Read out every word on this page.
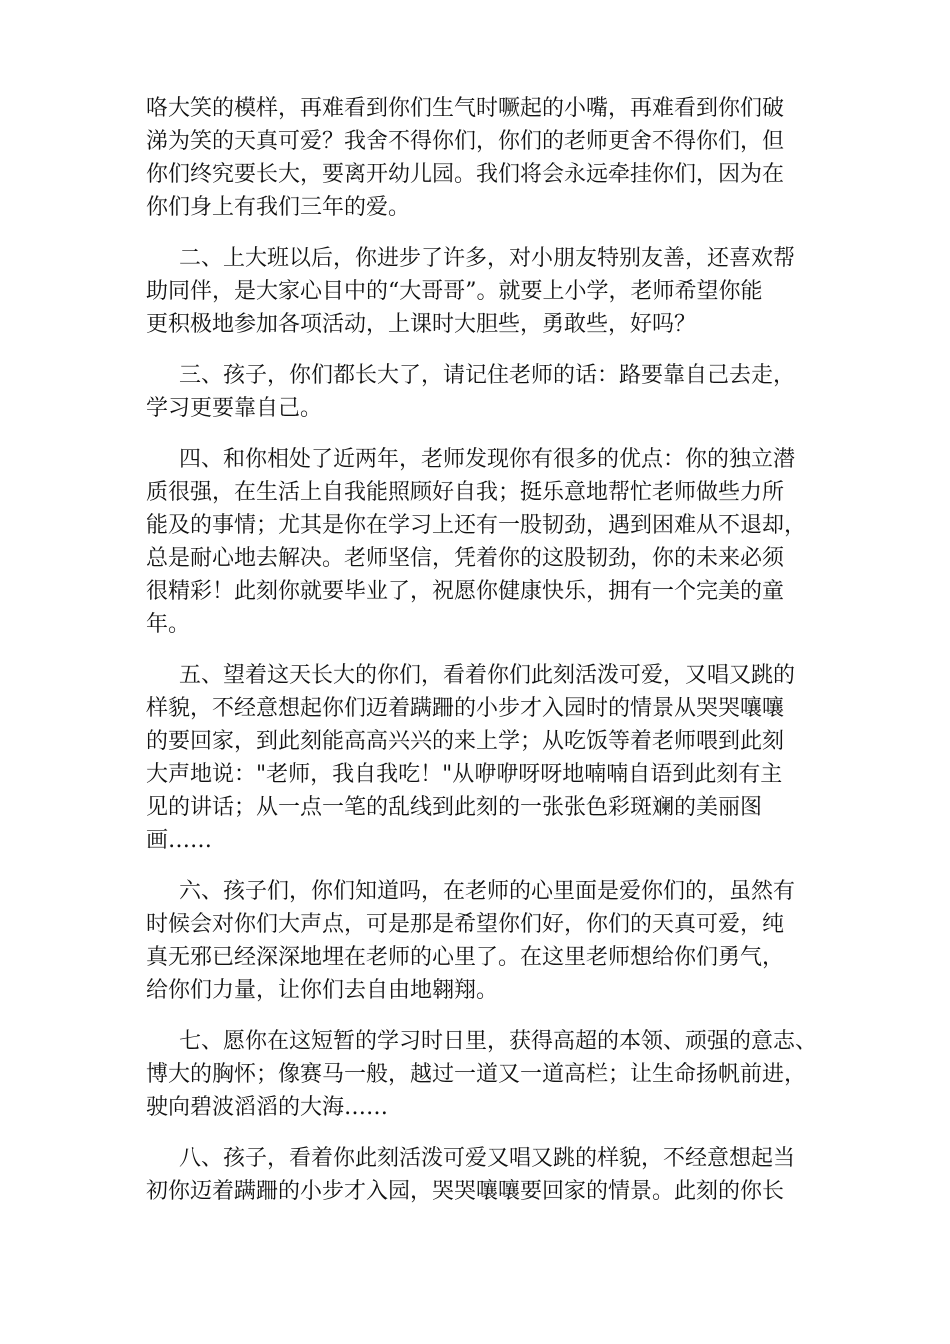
咯大笑的模样，再难看到你们生气时噘起的小嘴，再难看到你们破
涕为笑的天真可爱？我舍不得你们，你们的老师更舍不得你们，但
你们终究要长大，要离开幼儿园。我们将会永远牵挂你们，因为在
你们身上有我们三年的爱。

二、上大班以后，你进步了许多，对小朋友特别友善，还喜欢帮
助同伴，是大家心目中的“大哥哥”。就要上小学，老师希望你能
更积极地参加各项活动，上课时大胆些，勇敢些，好吗？

三、孩子，你们都长大了，请记住老师的话：路要靠自己去走，
学习更要靠自己。

四、和你相处了近两年，老师发现你有很多的优点：你的独立潜
质很强，在生活上自我能照顾好自我；挺乐意地帮忙老师做些力所
能及的事情；尤其是你在学习上还有一股韧劲，遇到困难从不退却，
总是耐心地去解决。老师坚信，凭着你的这股韧劲，你的未来必须
很精彩！此刻你就要毕业了，祝愿你健康快乐，拥有一个完美的童
年。

五、望着这天长大的你们，看着你们此刻活泼可爱，又唱又跳的
样貌，不经意想起你们迈着蹒跚的小步才入园时的情景从哭哭嚷嚷
的要回家，到此刻能高高兴兴的来上学；从吃饭等着老师喂到此刻
大声地说："老师，我自我吃！"从咿咿呀呀地喃喃自语到此刻有主
见的讲话；从一点一笔的乱线到此刻的一张张色彩斑斓的美丽图
画……

六、孩子们，你们知道吗，在老师的心里面是爱你们的，虽然有
时候会对你们大声点，可是那是希望你们好，你们的天真可爱，纯
真无邪已经深深地埋在老师的心里了。在这里老师想给你们勇气，
给你们力量，让你们去自由地翱翔。

七、愿你在这短暂的学习时日里，获得高超的本领、顽强的意志、
博大的胸怀；像赛马一般，越过一道又一道高栏；让生命扬帆前进，
驶向碧波滔滔的大海……

八、孩子，看着你此刻活泼可爱又唱又跳的样貌，不经意想起当
初你迈着蹒跚的小步才入园，哭哭嚷嚷要回家的情景。此刻的你长
